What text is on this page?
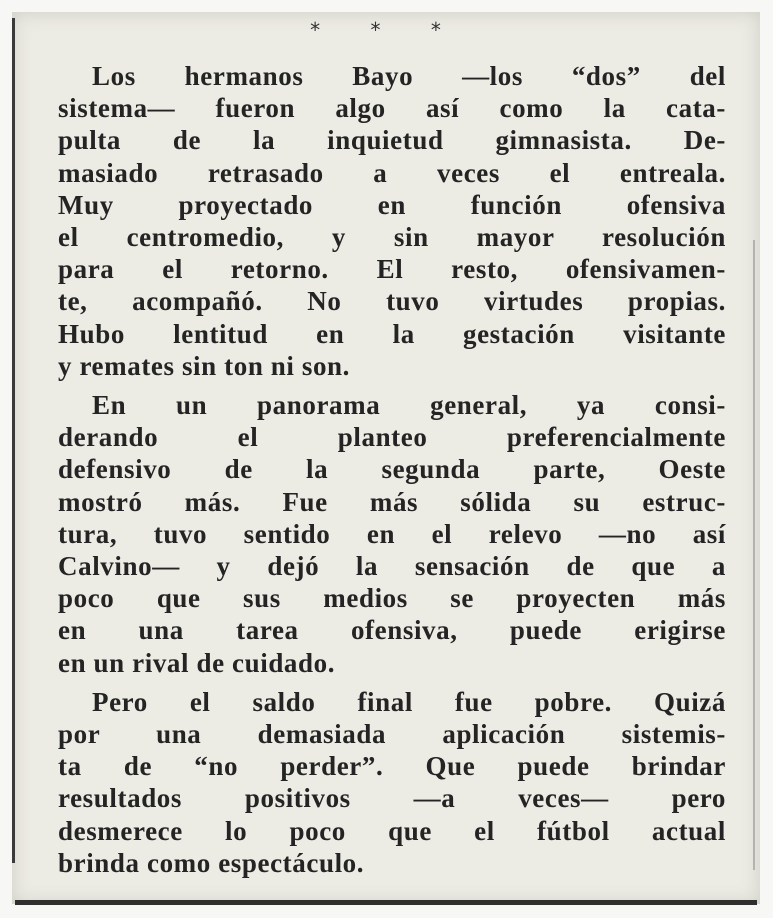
* * *

Los hermanos Bayo —los “dos” del
sistema— fueron algo así como la cata-
pulta de la inquietud gimnasista. De-
masiado retrasado a veces el entreala.
Muy proyectado en función ofensiva
el centromedio, y sin mayor resolución
para el retorno. El resto, ofensivamen-
te, acompañó. No tuvo virtudes propias.
Hubo lentitud en la gestación visitante
y remates sin ton ni son.

En un panorama general, ya consi-
derando el planteo preferencialmente
defensivo de la segunda parte, Oeste
mostró más. Fue más sólida su estruc-
tura, tuvo sentido en el relevo —no así
Calvino— y dejó la sensación de que a
poco que sus medios se proyecten más
en una tarea ofensiva, puede erigirse
en un rival de cuidado.

Pero el saldo final fue pobre. Quizá
por una demasiada aplicación sistemis-
ta de “no perder”. Que puede brindar
resultados positivos —a veces— pero
desmerece lo poco que el fútbol actual
brinda como espectáculo.
